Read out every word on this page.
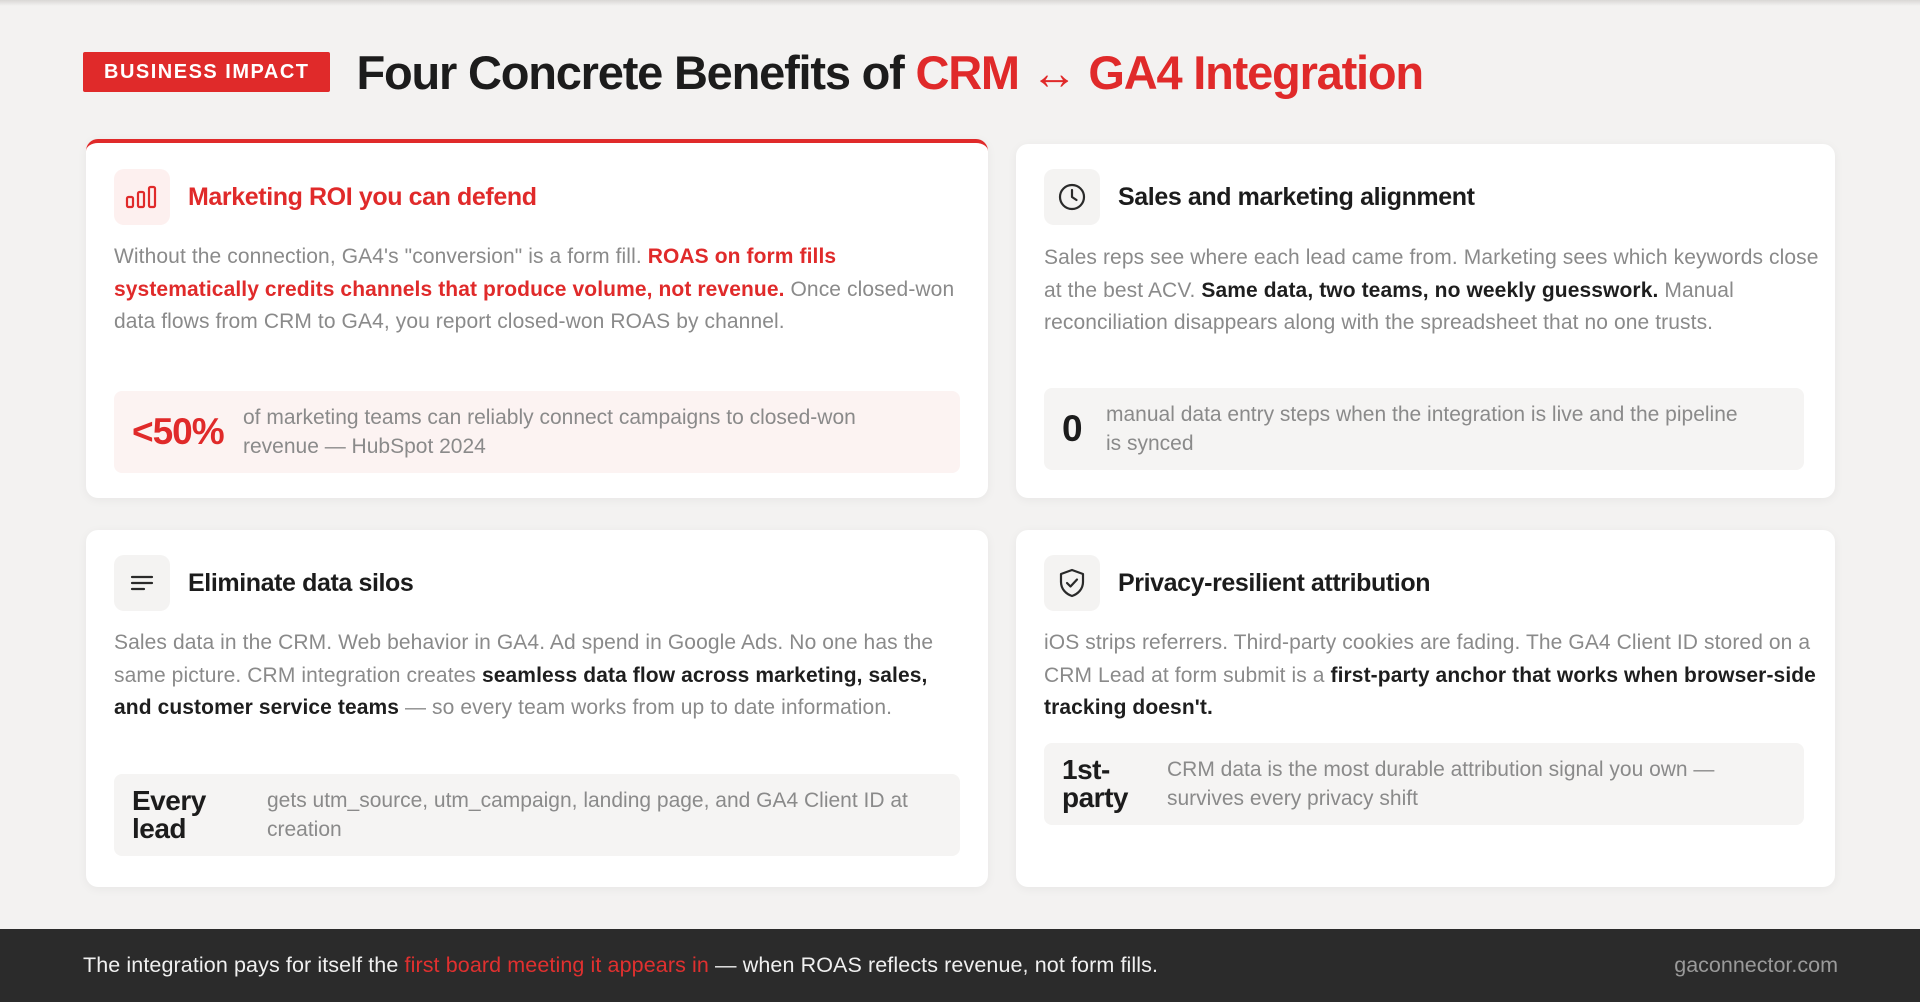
BUSINESS IMPACT	Four Concrete Benefits of CRM ↔ GA4 Integration
Marketing ROI you can defend
Without the connection, GA4's "conversion" is a form fill. ROAS on form fills systematically credits channels that produce volume, not revenue. Once closed-won data flows from CRM to GA4, you report closed-won ROAS by channel.
<50% of marketing teams can reliably connect campaigns to closed-won revenue — HubSpot 2024
Sales and marketing alignment
Sales reps see where each lead came from. Marketing sees which keywords close at the best ACV. Same data, two teams, no weekly guesswork. Manual reconciliation disappears along with the spreadsheet that no one trusts.
0	manual data entry steps when the integration is live and the pipeline is synced
Eliminate data silos
Sales data in the CRM. Web behavior in GA4. Ad spend in Google Ads. No one has the same picture. CRM integration creates seamless data flow across marketing, sales, and customer service teams — so every team works from up to date information.
Every lead
gets utm_source, utm_campaign, landing page, and GA4 Client ID at creation
Privacy-resilient attribution
iOS strips referrers. Third-party cookies are fading. The GA4 Client ID stored on a CRM Lead at form submit is a first-party anchor that works when browser-side tracking doesn't.
1st-party
CRM data is the most durable attribution signal you own — survives every privacy shift
The integration pays for itself the first board meeting it appears in — when ROAS reflects revenue, not form fills.	gaconnector.com
